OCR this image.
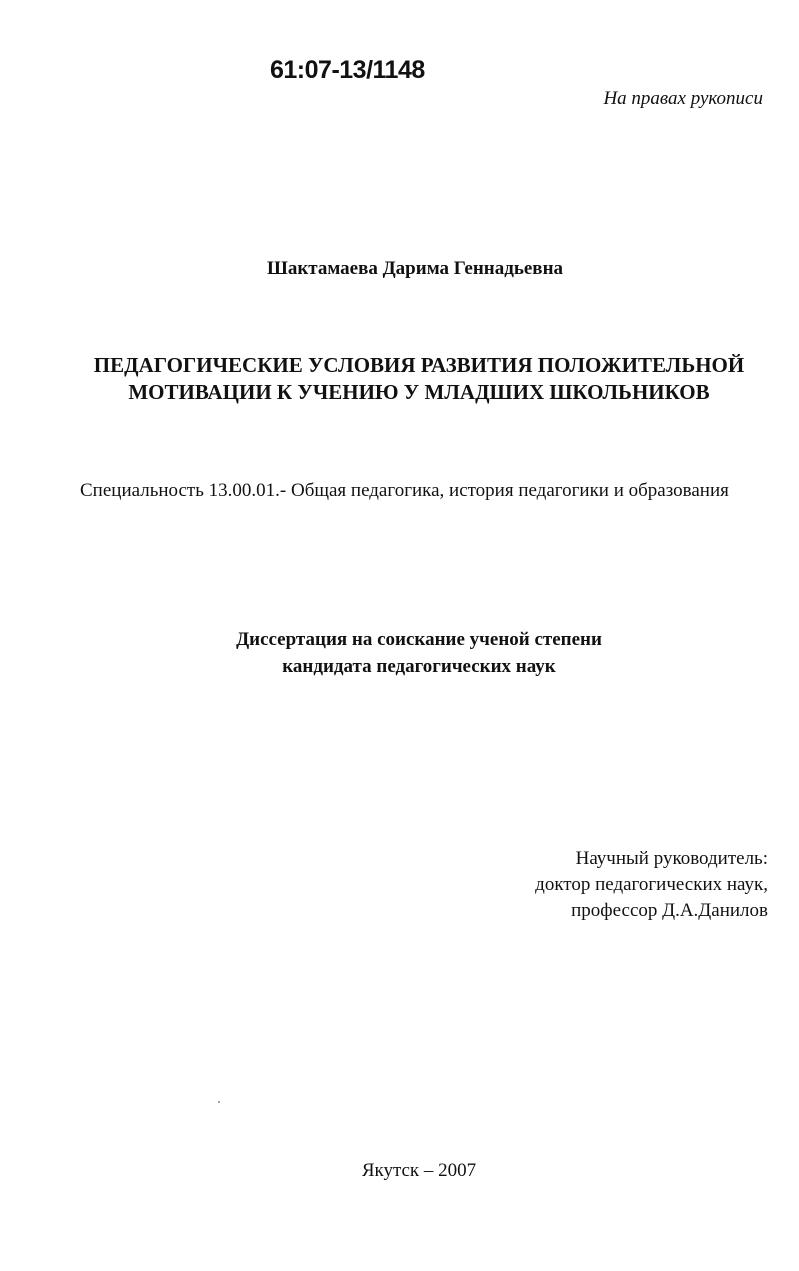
61:07-13/1148
На правах рукописи
Шактамаева Дарима Геннадьевна
ПЕДАГОГИЧЕСКИЕ УСЛОВИЯ РАЗВИТИЯ ПОЛОЖИТЕЛЬНОЙ
МОТИВАЦИИ К УЧЕНИЮ У МЛАДШИХ ШКОЛЬНИКОВ
Специальность 13.00.01.- Общая педагогика, история педагогики и образования
Диссертация на соискание ученой степени
кандидата педагогических наук
Научный руководитель:
доктор педагогических наук,
профессор Д.А.Данилов
Якутск – 2007
